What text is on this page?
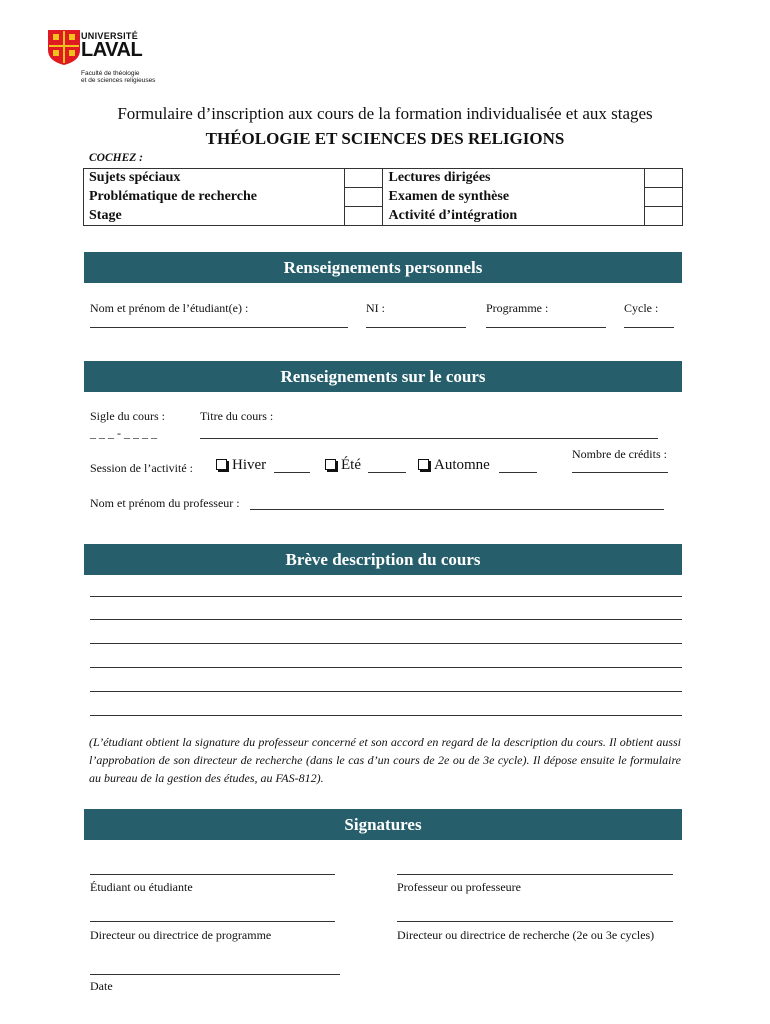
UNIVERSITÉ
LAVAL
Faculté de théologie
et de sciences religieuses
Formulaire d’inscription aux cours de la formation individualisée et aux stages
THÉOLOGIE ET SCIENCES DES RELIGIONS
COCHEZ :
Sujets spéciaux		Lectures dirigées	
Problématique de recherche		Examen de synthèse	
Stage		Activité d’intégration	
Renseignements personnels
Nom et prénom de l’étudiant(e) :	NI :	Programme :	Cycle :
Renseignements sur le cours
Sigle du cours :
_ _ _ - _ _ _ _
Titre du cours :
Nombre de crédits :
Session de l’activité :	Hiver	Été	Automne
Nom et prénom du professeur :
Brève description du cours
(L’étudiant obtient la signature du professeur concerné et son accord en regard de la description du cours. Il obtient aussi l’approbation de son directeur de recherche (dans le cas d’un cours de 2e ou de 3e cycle). Il dépose ensuite le formulaire au bureau de la gestion des études, au FAS-812).
Signatures
Étudiant ou étudiante	Professeur ou professeure
Directeur ou directrice de programme	Directeur ou directrice de recherche (2e ou 3e cycles)
Date
